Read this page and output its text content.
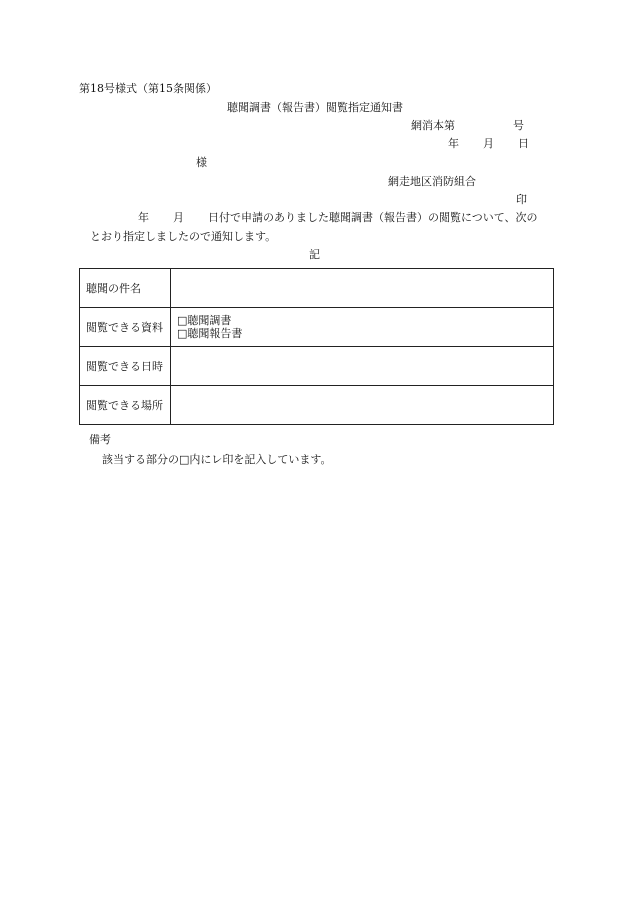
第18号様式（第15条関係）
聴聞調書（報告書）閲覧指定通知書
網消本第	号
年 月 日
様
網走地区消防組合
印
年 月 日付で申請のありました聴聞調書（報告書）の閲覧について、次の
とおり指定しましたので通知します。
記
聴聞の件名	
閲覧できる資料	□聴聞調書
□聴聞報告書

閲覧できる日時	
閲覧できる場所	
備考
該当する部分の□内にレ印を記入しています。
